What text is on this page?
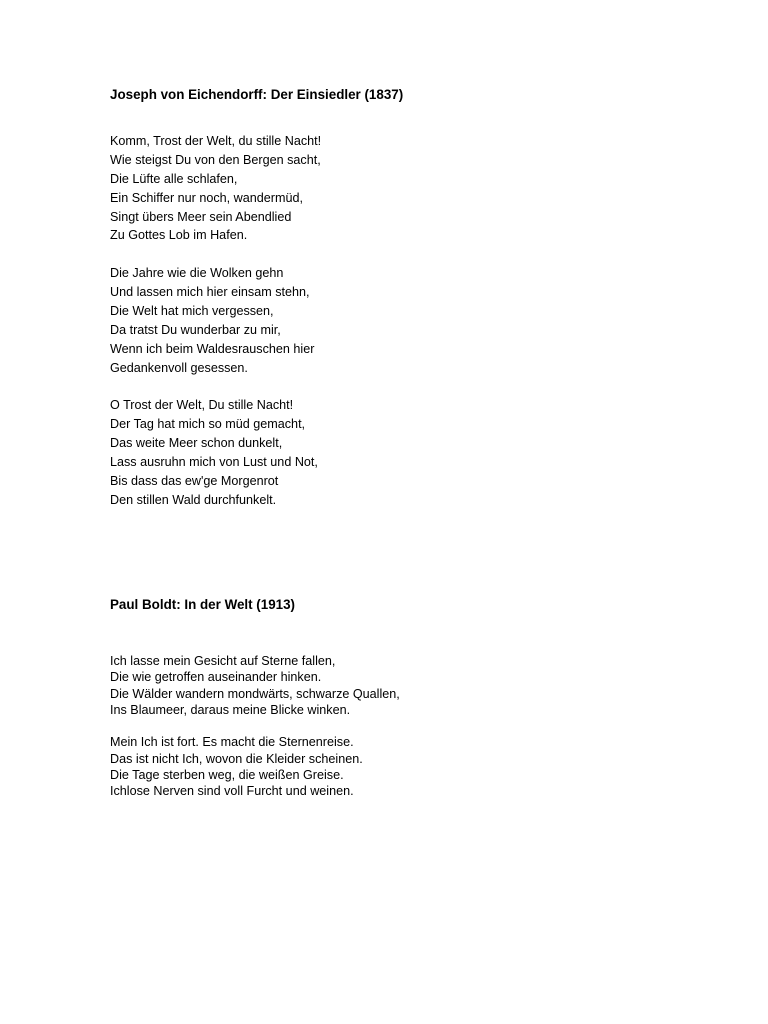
Joseph von Eichendorff: Der Einsiedler (1837)
Komm, Trost der Welt, du stille Nacht!
Wie steigst Du von den Bergen sacht,
Die Lüfte alle schlafen,
Ein Schiffer nur noch, wandermüd,
Singt übers Meer sein Abendlied
Zu Gottes Lob im Hafen.
Die Jahre wie die Wolken gehn
Und lassen mich hier einsam stehn,
Die Welt hat mich vergessen,
Da tratst Du wunderbar zu mir,
Wenn ich beim Waldesrauschen hier
Gedankenvoll gesessen.
O Trost der Welt, Du stille Nacht!
Der Tag hat mich so müd gemacht,
Das weite Meer schon dunkelt,
Lass ausruhn mich von Lust und Not,
Bis dass das ew'ge Morgenrot
Den stillen Wald durchfunkelt.
Paul Boldt: In der Welt (1913)
Ich lasse mein Gesicht auf Sterne fallen,
Die wie getroffen auseinander hinken.
Die Wälder wandern mondwärts, schwarze Quallen,
Ins Blaumeer, daraus meine Blicke winken.
Mein Ich ist fort. Es macht die Sternenreise.
Das ist nicht Ich, wovon die Kleider scheinen.
Die Tage sterben weg, die weißen Greise.
Ichlose Nerven sind voll Furcht und weinen.
